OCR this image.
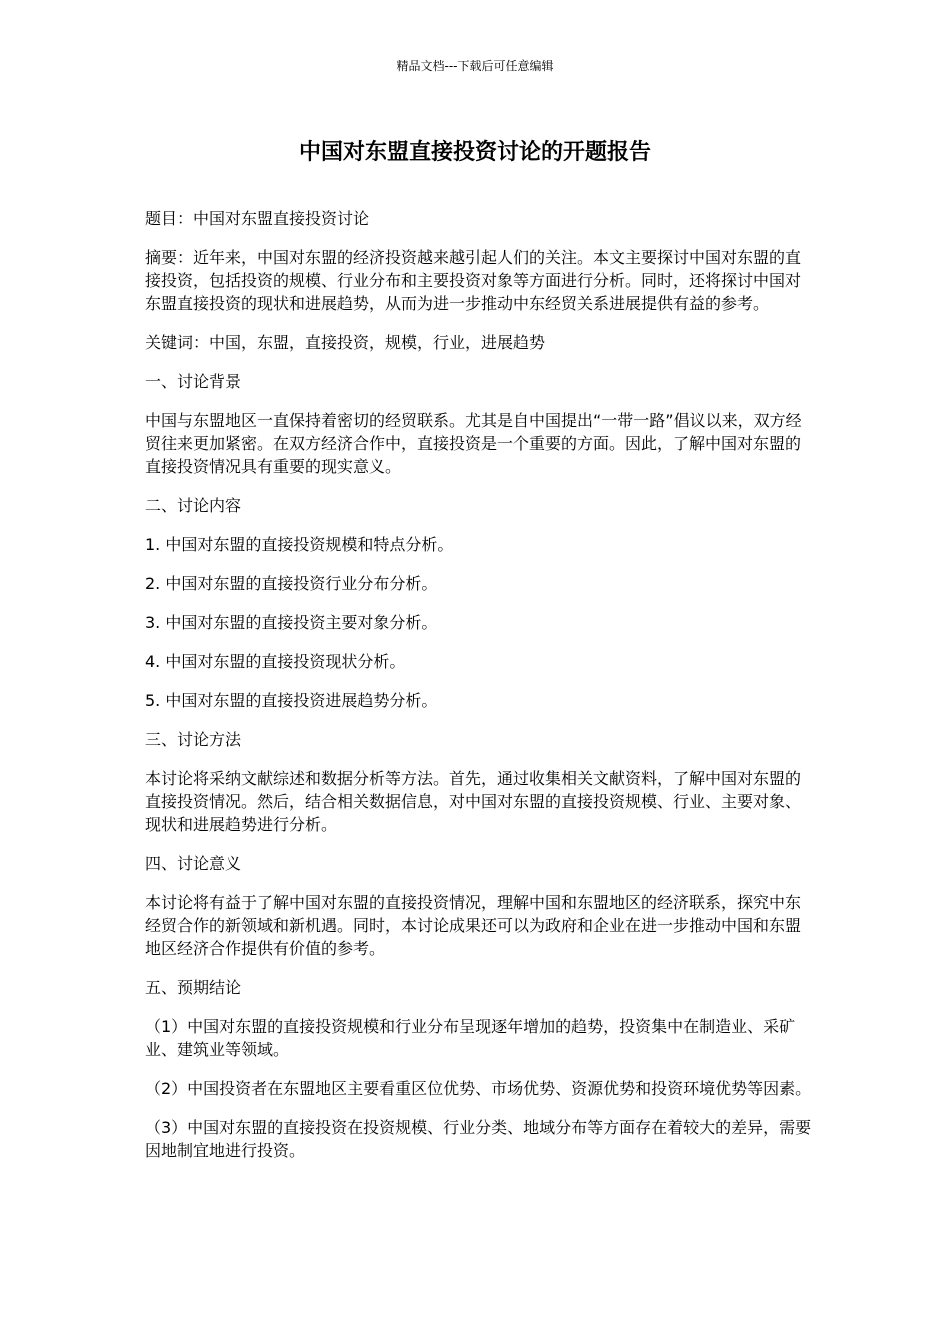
精品文档---下载后可任意编辑
中国对东盟直接投资讨论的开题报告

题目：中国对东盟直接投资讨论

摘要：近年来，中国对东盟的经济投资越来越引起人们的关注。本文主要探讨中国对东盟的直接投资，包括投资的规模、行业分布和主要投资对象等方面进行分析。同时，还将探讨中国对东盟直接投资的现状和进展趋势，从而为进一步推动中东经贸关系进展提供有益的参考。

关键词：中国，东盟，直接投资，规模，行业，进展趋势

一、讨论背景

中国与东盟地区一直保持着密切的经贸联系。尤其是自中国提出“一带一路”倡议以来，双方经贸往来更加紧密。在双方经济合作中，直接投资是一个重要的方面。因此，了解中国对东盟的直接投资情况具有重要的现实意义。

二、讨论内容

1. 中国对东盟的直接投资规模和特点分析。

2. 中国对东盟的直接投资行业分布分析。

3. 中国对东盟的直接投资主要对象分析。

4. 中国对东盟的直接投资现状分析。

5. 中国对东盟的直接投资进展趋势分析。

三、讨论方法

本讨论将采纳文献综述和数据分析等方法。首先，通过收集相关文献资料，了解中国对东盟的直接投资情况。然后，结合相关数据信息，对中国对东盟的直接投资规模、行业、主要对象、现状和进展趋势进行分析。

四、讨论意义

本讨论将有益于了解中国对东盟的直接投资情况，理解中国和东盟地区的经济联系，探究中东经贸合作的新领域和新机遇。同时，本讨论成果还可以为政府和企业在进一步推动中国和东盟地区经济合作提供有价值的参考。

五、预期结论

（1）中国对东盟的直接投资规模和行业分布呈现逐年增加的趋势，投资集中在制造业、采矿业、建筑业等领域。

（2）中国投资者在东盟地区主要看重区位优势、市场优势、资源优势和投资环境优势等因素。

（3）中国对东盟的直接投资在投资规模、行业分类、地域分布等方面存在着较大的差异，需要因地制宜地进行投资。
